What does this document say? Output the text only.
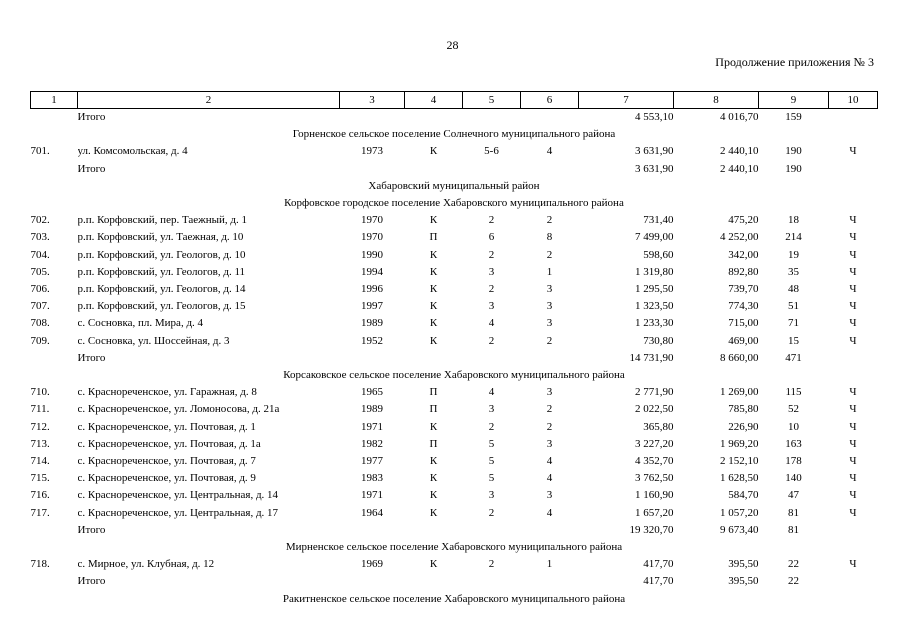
28
Продолжение приложения № 3
1	2	3	4	5	6	7	8	9	10
	Итого					4 553,10	4 016,70	159	
Горненское сельское поселение Солнечного муниципального района									
701.	ул. Комсомольская, д. 4	1973	К	5-6	4	3 631,90	2 440,10	190	Ч
	Итого					3 631,90	2 440,10	190	
Хабаровский муниципальный район									
Корфовское городское поселение Хабаровского муниципального района									
702.	р.п. Корфовский, пер. Таежный, д. 1	1970	К	2	2	731,40	475,20	18	Ч
703.	р.п. Корфовский, ул. Таежная, д. 10	1970	П	6	8	7 499,00	4 252,00	214	Ч
704.	р.п. Корфовский, ул. Геологов, д. 10	1990	К	2	2	598,60	342,00	19	Ч
705.	р.п. Корфовский, ул. Геологов, д. 11	1994	К	3	1	1 319,80	892,80	35	Ч
706.	р.п. Корфовский, ул. Геологов, д. 14	1996	К	2	3	1 295,50	739,70	48	Ч
707.	р.п. Корфовский, ул. Геологов, д. 15	1997	К	3	3	1 323,50	774,30	51	Ч
708.	с. Сосновка, пл. Мира, д. 4	1989	К	4	3	1 233,30	715,00	71	Ч
709.	с. Сосновка, ул. Шоссейная, д. 3	1952	К	2	2	730,80	469,00	15	Ч
	Итого					14 731,90	8 660,00	471	
Корсаковское сельское поселение Хабаровского муниципального района									
710.	с. Краснореченское, ул. Гаражная, д. 8	1965	П	4	3	2 771,90	1 269,00	115	Ч
711.	с. Краснореченское, ул. Ломоносова, д. 21а	1989	П	3	2	2 022,50	785,80	52	Ч
712.	с. Краснореченское, ул. Почтовая, д. 1	1971	К	2	2	365,80	226,90	10	Ч
713.	с. Краснореченское, ул. Почтовая, д. 1а	1982	П	5	3	3 227,20	1 969,20	163	Ч
714.	с. Краснореченское, ул. Почтовая, д. 7	1977	К	5	4	4 352,70	2 152,10	178	Ч
715.	с. Краснореченское, ул. Почтовая, д. 9	1983	К	5	4	3 762,50	1 628,50	140	Ч
716.	с. Краснореченское, ул. Центральная, д. 14	1971	К	3	3	1 160,90	584,70	47	Ч
717.	с. Краснореченское, ул. Центральная, д. 17	1964	К	2	4	1 657,20	1 057,20	81	Ч
	Итого					19 320,70	9 673,40	81	
Мирненское сельское поселение Хабаровского муниципального района									
718.	с. Мирное, ул. Клубная, д. 12	1969	К	2	1	417,70	395,50	22	Ч
	Итого					417,70	395,50	22	
Ракитненское сельское поселение Хабаровского муниципального района									
